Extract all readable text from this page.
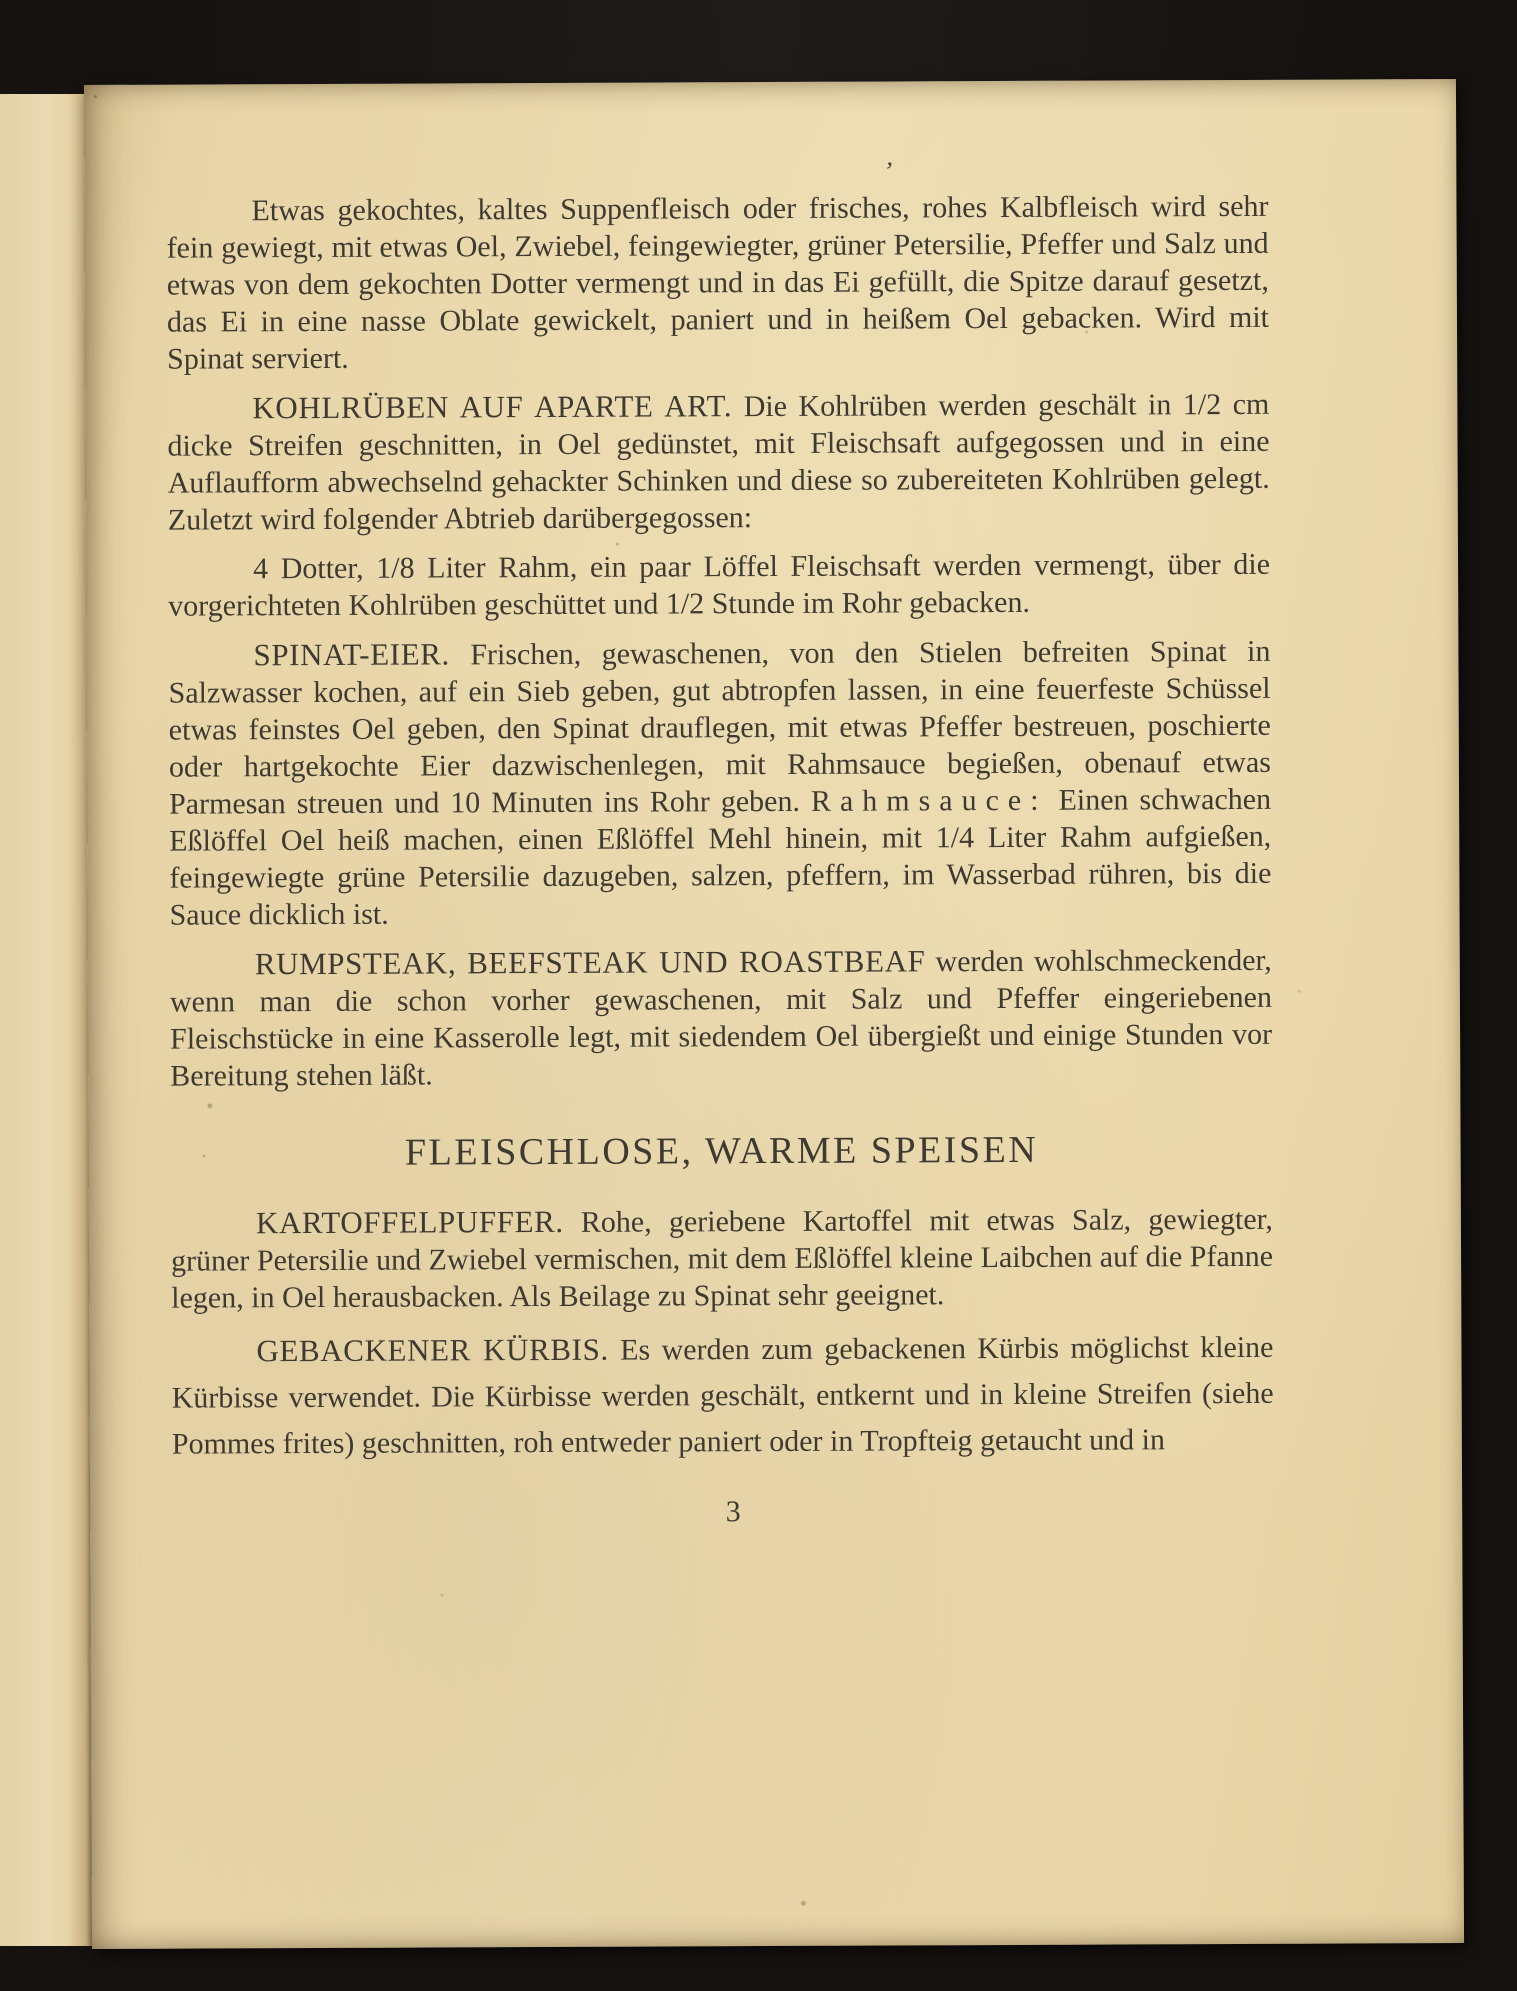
’

Etwas gekochtes, kaltes Suppenfleisch oder frisches, rohes Kalbfleisch wird sehr fein gewiegt, mit etwas Oel, Zwiebel, feingewiegter, grüner Petersilie, Pfeffer und Salz und etwas von dem gekochten Dotter vermengt und in das Ei gefüllt, die Spitze darauf gesetzt, das Ei in eine nasse Oblate gewickelt, paniert und in heißem Oel gebacken. Wird mit Spinat serviert.

KOHLRÜBEN AUF APARTE ART. Die Kohlrüben werden geschält in 1/2 cm dicke Streifen geschnitten, in Oel gedünstet, mit Fleischsaft aufgegossen und in eine Auflaufform abwechselnd gehackter Schinken und diese so zubereiteten Kohlrüben gelegt. Zuletzt wird folgender Abtrieb darübergegossen:

4 Dotter, 1/8 Liter Rahm, ein paar Löffel Fleischsaft werden vermengt, über die vorgerichteten Kohlrüben geschüttet und 1/2 Stunde im Rohr gebacken.

SPINAT-EIER. Frischen, gewaschenen, von den Stielen befreiten Spinat in Salzwasser kochen, auf ein Sieb geben, gut abtropfen lassen, in eine feuerfeste Schüssel etwas feinstes Oel geben, den Spinat drauflegen, mit etwas Pfeffer bestreuen, poschierte oder hartgekochte Eier dazwischenlegen, mit Rahmsauce begießen, obenauf etwas Parmesan streuen und 10 Minuten ins Rohr geben. Rahmsauce: Einen schwachen Eßlöffel Oel heiß machen, einen Eßlöffel Mehl hinein, mit 1/4 Liter Rahm aufgießen, feingewiegte grüne Petersilie dazugeben, salzen, pfeffern, im Wasserbad rühren, bis die Sauce dicklich ist.

RUMPSTEAK, BEEFSTEAK UND ROASTBEAF werden wohlschmeckender, wenn man die schon vorher gewaschenen, mit Salz und Pfeffer eingeriebenen Fleischstücke in eine Kasserolle legt, mit siedendem Oel übergießt und einige Stunden vor Bereitung stehen läßt.

FLEISCHLOSE, WARME SPEISEN

KARTOFFELPUFFER. Rohe, geriebene Kartoffel mit etwas Salz, gewiegter, grüner Petersilie und Zwiebel vermischen, mit dem Eßlöffel kleine Laibchen auf die Pfanne legen, in Oel herausbacken. Als Beilage zu Spinat sehr geeignet.

GEBACKENER KÜRBIS. Es werden zum gebackenen Kürbis möglichst kleine Kürbisse verwendet. Die Kürbisse werden geschält, entkernt und in kleine Streifen (siehe Pommes frites) geschnitten, roh entweder paniert oder in Tropfteig getaucht und in

3
